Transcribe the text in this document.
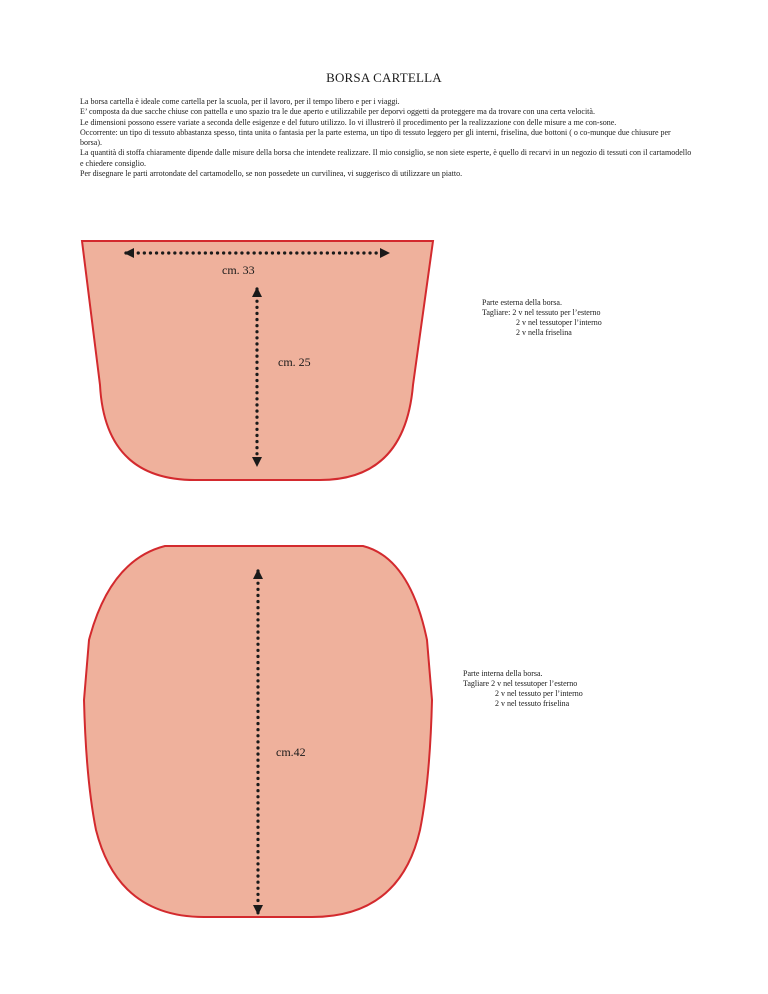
BORSA CARTELLA

La borsa cartella è ideale come cartella per la scuola, per il lavoro, per il tempo libero e per i viaggi.

E’ composta da due sacche chiuse con pattella e uno spazio tra le due aperto e utilizzabile per deporvi oggetti da proteggere ma da trovare con una certa velocità.

Le dimensioni possono essere variate a seconda delle esigenze e del futuro utilizzo. Io vi illustrerò il procedimento per la realizzazione con delle misure a me con-sone.

Occorrente: un tipo di tessuto abbastanza spesso, tinta unita o fantasia per la parte esterna, un tipo di tessuto leggero per gli interni, friselina, due bottoni ( o co-munque due chiusure per borsa).

La quantità di stoffa chiaramente dipende dalle misure della borsa che intendete realizzare. Il mio consiglio, se non siete esperte, è quello di recarvi in un negozio di tessuti con il cartamodello e chiedere consiglio.

Per disegnare le parti arrotondate del cartamodello, se non possedete un curvilinea, vi suggerisco di utilizzare un piatto.

cm. 33
cm. 25
cm.42

Parte esterna della borsa.

Tagliare: 2 v nel tessuto per l’esterno

2 v nel tessutoper l’interno

2 v nella friselina

Parte interna della borsa.

Tagliare 2 v nel tessutoper l’esterno

2 v nel tessuto per l’interno

2 v nel tessuto friselina
